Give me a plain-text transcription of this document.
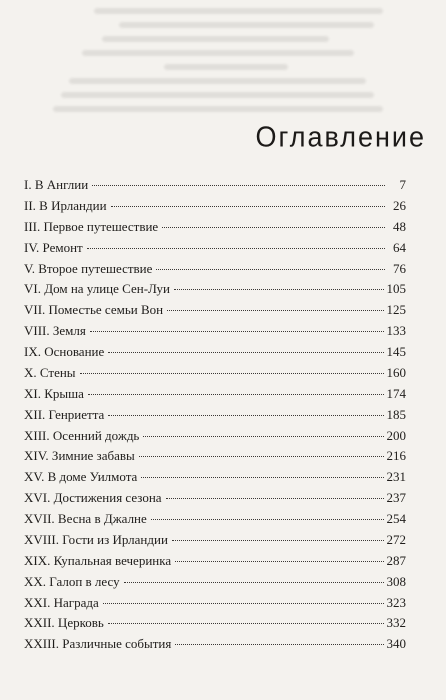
Оглавление
I. В Англии	7
II. В Ирландии	26
III. Первое путешествие	48
IV. Ремонт	64
V. Второе путешествие	76
VI. Дом на улице Сен-Луи	105
VII. Поместье семьи Вон	125
VIII. Земля	133
IX. Основание	145
X. Стены	160
XI. Крыша	174
XII. Генриетта	185
XIII. Осенний дождь	200
XIV. Зимние забавы	216
XV. В доме Уилмота	231
XVI. Достижения сезона	237
XVII. Весна в Джалне	254
XVIII. Гости из Ирландии	272
XIX. Купальная вечеринка	287
XX. Галоп в лесу	308
XXI. Награда	323
XXII. Церковь	332
XXIII. Различные события	340
